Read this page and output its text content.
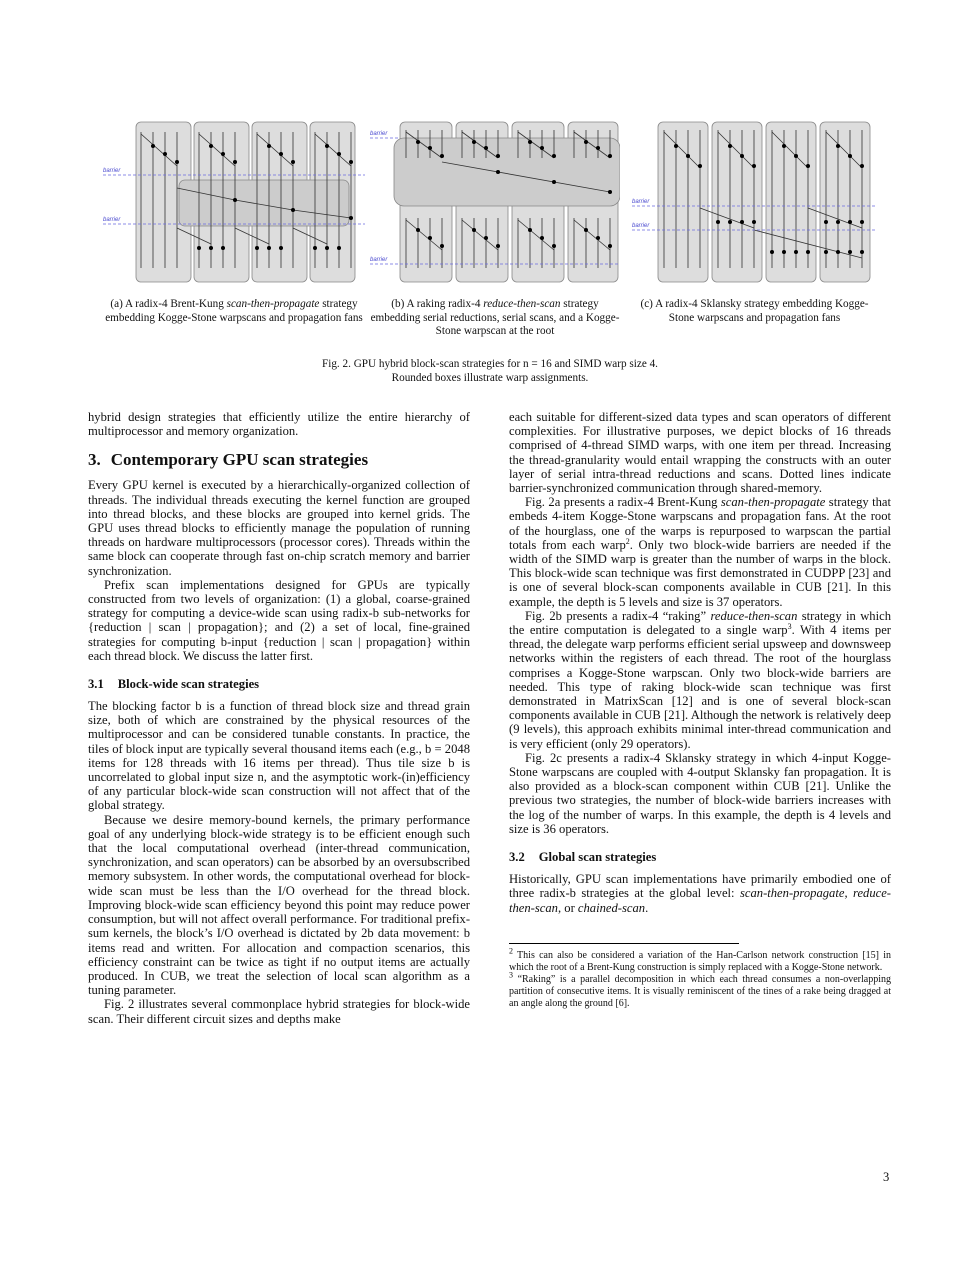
barrier
barrier
barrier
barrier
barrier
barrier
(a) A radix-4 Brent-Kung scan-then-propagate strategy embedding Kogge-Stone warpscans and propagation fans
(b) A raking radix-4 reduce-then-scan strategy embedding serial reductions, serial scans, and a Kogge-Stone warpscan at the root
(c) A radix-4 Sklansky strategy embedding Kogge-Stone warpscans and propagation fans
Fig. 2. GPU hybrid block-scan strategies for n = 16 and SIMD warp size 4.
Rounded boxes illustrate warp assignments.

hybrid design strategies that efficiently utilize the entire hierarchy of multiprocessor and memory organization.

3. Contemporary GPU scan strategies

Every GPU kernel is executed by a hierarchically-organized collection of threads. The individual threads executing the kernel function are grouped into thread blocks, and these blocks are grouped into kernel grids. The GPU uses thread blocks to efficiently manage the population of running threads on hardware multiprocessors (processor cores). Threads within the same block can cooperate through fast on-chip scratch memory and barrier synchronization.

Prefix scan implementations designed for GPUs are typically constructed from two levels of organization: (1) a global, coarse-grained strategy for computing a device-wide scan using radix-b sub-networks for {reduction | scan | propagation}; and (2) a set of local, fine-grained strategies for computing b-input {reduction | scan | propagation} within each thread block. We discuss the latter first.

3.1 Block-wide scan strategies

The blocking factor b is a function of thread block size and thread grain size, both of which are constrained by the physical resources of the multiprocessor and can be considered tunable constants. In practice, the tiles of block input are typically several thousand items each (e.g., b = 2048 items for 128 threads with 16 items per thread). Thus tile size b is uncorrelated to global input size n, and the asymptotic work-(in)efficiency of any particular block-wide scan construction will not affect that of the global strategy.

Because we desire memory-bound kernels, the primary performance goal of any underlying block-wide strategy is to be efficient enough such that the local computational overhead (inter-thread communication, synchronization, and scan operators) can be absorbed by an oversubscribed memory subsystem. In other words, the computational overhead for block-wide scan must be less than the I/O overhead for the thread block. Improving block-wide scan efficiency beyond this point may reduce power consumption, but will not affect overall performance. For traditional prefix-sum kernels, the block’s I/O overhead is dictated by 2b data movement: b items read and written. For allocation and compaction scenarios, this efficiency constraint can be twice as tight if no output items are actually produced. In CUB, we treat the selection of local scan algorithm as a tuning parameter.

Fig. 2 illustrates several commonplace hybrid strategies for block-wide scan. Their different circuit sizes and depths make

each suitable for different-sized data types and scan operators of different complexities. For illustrative purposes, we depict blocks of 16 threads comprised of 4-thread SIMD warps, with one item per thread. Increasing the thread-granularity would entail wrapping the constructs with an outer layer of serial intra-thread reductions and scans. Dotted lines indicate barrier-synchronized communication through shared-memory.

Fig. 2a presents a radix-4 Brent-Kung scan-then-propagate strategy that embeds 4-item Kogge-Stone warpscans and propagation fans. At the root of the hourglass, one of the warps is repurposed to warpscan the partial totals from each warp$^2$. Only two block-wide barriers are needed if the width of the SIMD warp is greater than the number of warps in the block. This block-wide scan technique was first demonstrated in CUDPP [23] and is one of several block-scan components available in CUB [21]. In this example, the depth is 5 levels and size is 37 operators.

Fig. 2b presents a radix-4 “raking” reduce-then-scan strategy in which the entire computation is delegated to a single warp$^3$. With 4 items per thread, the delegate warp performs efficient serial upsweep and downsweep networks within the registers of each thread. The root of the hourglass comprises a Kogge-Stone warpscan. Only two block-wide barriers are needed. This type of raking block-wide scan technique was first demonstrated in MatrixScan [12] and is one of several block-scan components available in CUB [21]. Although the network is relatively deep (9 levels), this approach exhibits minimal inter-thread communication and is very efficient (only 29 operators).

Fig. 2c presents a radix-4 Sklansky strategy in which 4-input Kogge-Stone warpscans are coupled with 4-output Sklansky fan propagation. It is also provided as a block-scan component within CUB [21]. Unlike the previous two strategies, the number of block-wide barriers increases with the log of the number of warps. In this example, the depth is 4 levels and size is 36 operators.

3.2 Global scan strategies

Historically, GPU scan implementations have primarily embodied one of three radix-b strategies at the global level: scan-then-propagate, reduce-then-scan, or chained-scan.

$^2$ This can also be considered a variation of the Han-Carlson network construction [15] in which the root of a Brent-Kung construction is simply replaced with a Kogge-Stone network.

$^3$ “Raking” is a parallel decomposition in which each thread consumes a non-overlapping partition of consecutive items. It is visually reminiscent of the tines of a rake being dragged at an angle along the ground [6].

3
